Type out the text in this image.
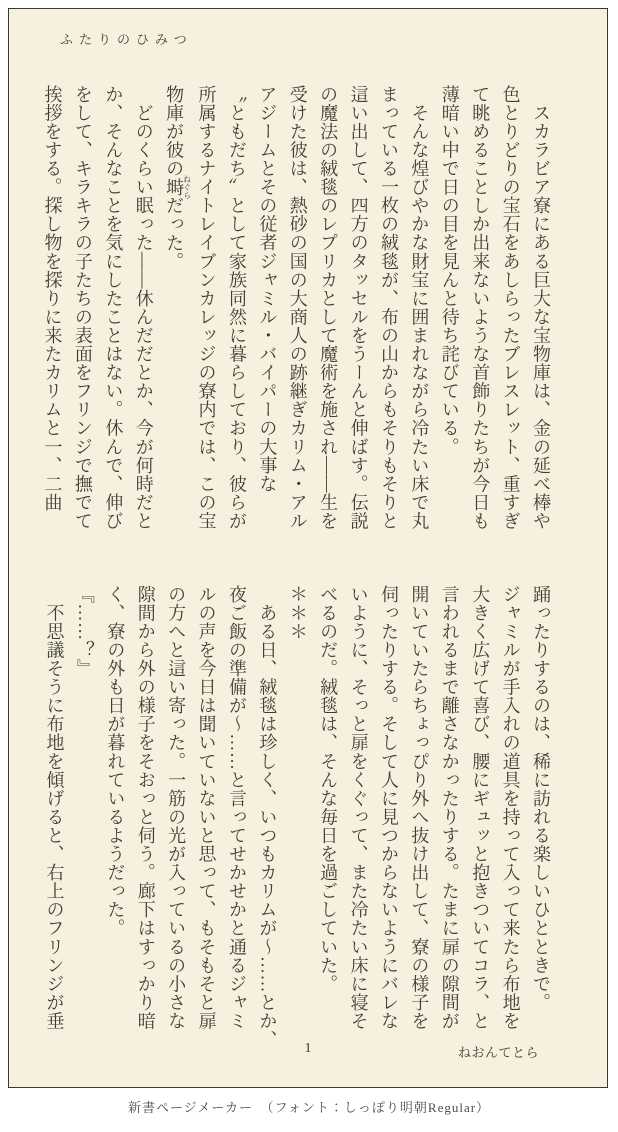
ふたりのひみつ
　スカラビア寮にある巨大な宝物庫は、金の延べ棒や
色とりどりの宝石をあしらったブレスレット、重すぎ
て眺めることしか出来ないような首飾りたちが今日も
薄暗い中で日の目を見んと待ち詫びている。
　そんな煌びやかな財宝に囲まれながら冷たい床で丸
まっている一枚の絨毯が、布の山からもそりもそりと
這い出して、四方のタッセルをうーんと伸ばす。伝説
の魔法の絨毯のレプリカとして魔術を施され――生を
受けた彼は、熱砂の国の大商人の跡継ぎカリム・アル
アジームとその従者ジャミル・バイパーの大事な
〝ともだち〟として家族同然に暮らしており、彼らが
所属するナイトレイブンカレッジの寮内では、この宝
物庫が彼の塒ねぐらだった。
　どのくらい眠った――休んだだとか、今が何時だと
か、そんなことを気にしたことはない。休んで、伸び
をして、キラキラの子たちの表面をフリンジで撫でて
挨拶をする。探し物を探りに来たカリムと一、二曲
踊ったりするのは、稀に訪れる楽しいひとときで。
ジャミルが手入れの道具を持って入って来たら布地を
大きく広げて喜び、腰にギュッと抱きついてコラ、と
言われるまで離さなかったりする。たまに扉の隙間が
開いていたらちょっぴり外へ抜け出して、寮の様子を
伺ったりする。そして人に見つからないようにバレな
いように、そっと扉をくぐって、また冷たい床に寝そ
べるのだ。絨毯は、そんな毎日を過ごしていた。
＊＊＊
　ある日、絨毯は珍しく、いつもカリムが～……とか、
夜ご飯の準備が～……と言ってせかせかと通るジャミ
ルの声を今日は聞いていないと思って、もそもそと扉
の方へと這い寄った。一筋の光が入っているの小さな
隙間から外の様子をそおっと伺う。廊下はすっかり暗
く、寮の外も日が暮れているようだった。
『……？』
　不思議そうに布地を傾げると、右上のフリンジが垂
1	ねおんてとら
新書ページメーカー　（フォント：しっぽり明朝Regular）
